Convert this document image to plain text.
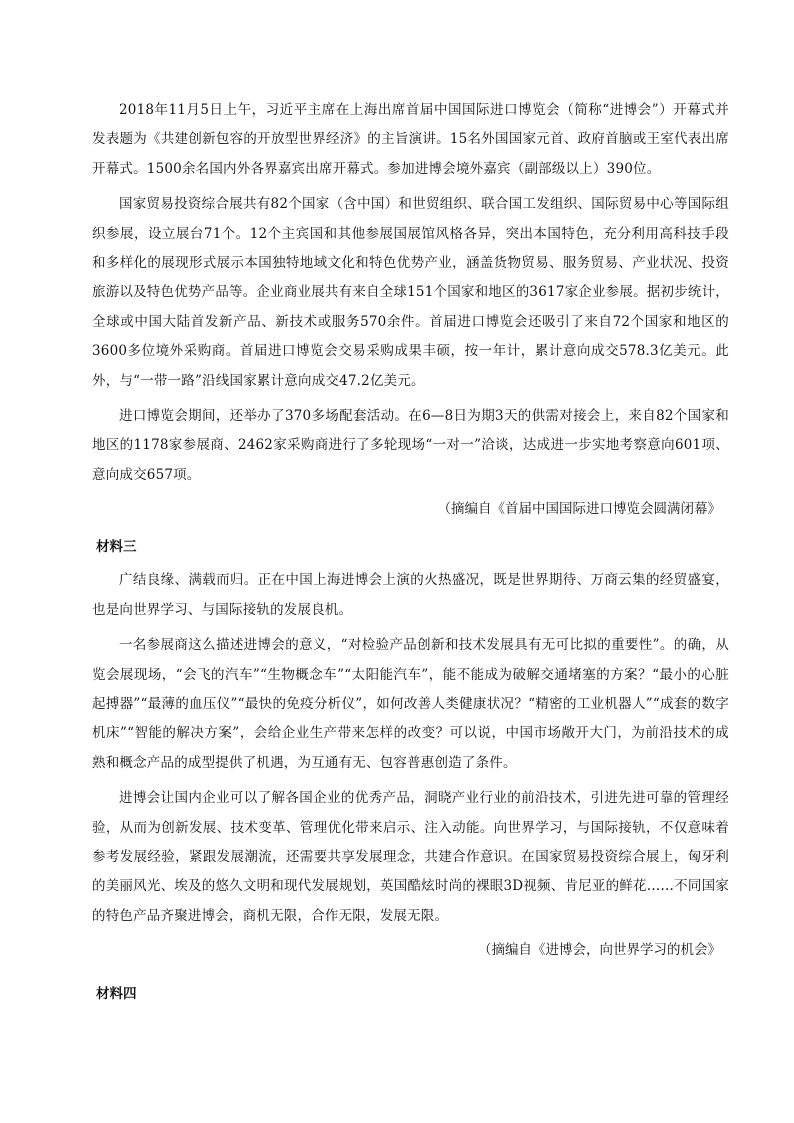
2018年11月5日上午，习近平主席在上海出席首届中国国际进口博览会（简称“进博会”）开幕式并发表题为《共建创新包容的开放型世界经济》的主旨演讲。15名外国国家元首、政府首脑或王室代表出席开幕式。1500余名国内外各界嘉宾出席开幕式。参加进博会境外嘉宾（副部级以上）390位。

国家贸易投资综合展共有82个国家（含中国）和世贸组织、联合国工发组织、国际贸易中心等国际组织参展，设立展台71个。12个主宾国和其他参展国展馆风格各异，突出本国特色，充分利用高科技手段和多样化的展现形式展示本国独特地域文化和特色优势产业，涵盖货物贸易、服务贸易、产业状况、投资旅游以及特色优势产品等。企业商业展共有来自全球151个国家和地区的3617家企业参展。据初步统计，全球或中国大陆首发新产品、新技术或服务570余件。首届进口博览会还吸引了来自72个国家和地区的3600多位境外采购商。首届进口博览会交易采购成果丰硕，按一年计，累计意向成交578.3亿美元。此外，与“一带一路”沿线国家累计意向成交47.2亿美元。

进口博览会期间，还举办了370多场配套活动。在6—8日为期3天的供需对接会上，来自82个国家和地区的1178家参展商、2462家采购商进行了多轮现场“一对一”洽谈，达成进一步实地考察意向601项、意向成交657项。

（摘编自《首届中国国际进口博览会圆满闭幕》

材料三

广结良缘、满载而归。正在中国上海进博会上演的火热盛况，既是世界期待、万商云集的经贸盛宴，也是向世界学习、与国际接轨的发展良机。

一名参展商这么描述进博会的意义，“对检验产品创新和技术发展具有无可比拟的重要性”。的确，从览会展现场，“会飞的汽车”“生物概念车”“太阳能汽车”，能不能成为破解交通堵塞的方案？“最小的心脏起搏器”“最薄的血压仪”“最快的免疫分析仪”，如何改善人类健康状况？“精密的工业机器人”“成套的数字机床”“智能的解决方案”，会给企业生产带来怎样的改变？可以说，中国市场敞开大门，为前沿技术的成熟和概念产品的成型提供了机遇，为互通有无、包容普惠创造了条件。

进博会让国内企业可以了解各国企业的优秀产品，洞晓产业行业的前沿技术，引进先进可靠的管理经验，从而为创新发展、技术变革、管理优化带来启示、注入动能。向世界学习，与国际接轨，不仅意味着参考发展经验，紧跟发展潮流，还需要共享发展理念，共建合作意识。在国家贸易投资综合展上，匈牙利的美丽风光、埃及的悠久文明和现代发展规划，英国酷炫时尚的裸眼3D视频、肯尼亚的鲜花……不同国家的特色产品齐聚进博会，商机无限，合作无限，发展无限。

（摘编自《进博会，向世界学习的机会》

材料四
